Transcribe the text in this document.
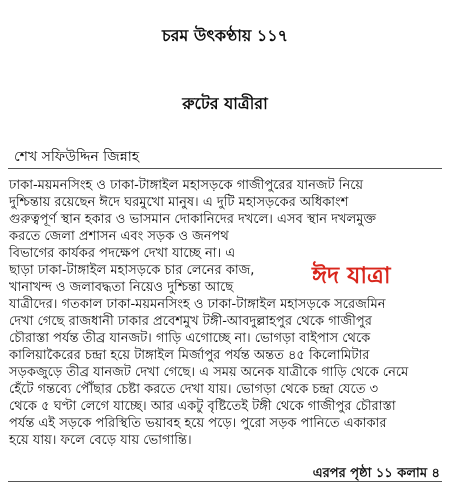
চরম উৎকণ্ঠায় ১১৭
রুটের যাত্রীরা
শেখ সফিউদ্দিন জিন্নাহ
ঢাকা-ময়মনসিংহ ও ঢাকা-টাঙ্গাইল মহাসড়কে গাজীপুরের যানজট নিয়ে
দুশ্চিন্তায় রয়েছেন ঈদে ঘরমুখো মানুষ। এ দুটি মহাসড়কের অধিকাংশ
গুরুত্বপূর্ণ স্থান হকার ও ভাসমান দোকানিদের দখলে। এসব স্থান দখলমুক্ত
করতে জেলা প্রশাসন এবং সড়ক ও জনপথ
বিভাগের কার্যকর পদক্ষেপ দেখা যাচ্ছে না। এ
ছাড়া ঢাকা-টাঙ্গাইল মহাসড়কে চার লেনের কাজ,
খানাখন্দ ও জলাবদ্ধতা নিয়েও দুশ্চিন্তা আছে
যাত্রীদের। গতকাল ঢাকা-ময়মনসিংহ ও ঢাকা-টাঙ্গাইল মহাসড়কে সরেজমিন
দেখা গেছে রাজধানী ঢাকার প্রবেশমুখ টঙ্গী-আবদুল্লাহপুর থেকে গাজীপুর
চৌরাস্তা পর্যন্ত তীব্র যানজট। গাড়ি এগোচ্ছে না। ভোগড়া বাইপাস থেকে
কালিয়াকৈরের চন্দ্রা হয়ে টাঙ্গাইল মির্জাপুর পর্যন্ত অন্তত ৪৫ কিলোমিটার
সড়কজুড়ে তীব্র যানজট দেখা গেছে। এ সময় অনেক যাত্রীকে গাড়ি থেকে নেমে
হেঁটে গন্তব্যে পৌঁছার চেষ্টা করতে দেখা যায়। ভোগড়া থেকে চন্দ্রা যেতে ৩
থেকে ৫ ঘণ্টা লেগে যাচ্ছে। আর একটু বৃষ্টিতেই টঙ্গী থেকে গাজীপুর চৌরাস্তা
পর্যন্ত এই সড়কে পরিস্থিতি ভয়াবহ হয়ে পড়ে। পুরো সড়ক পানিতে একাকার
হয়ে যায়। ফলে বেড়ে যায় ভোগান্তি।
ঈদ যাত্রা
এরপর পৃষ্ঠা ১১ কলাম ৪
